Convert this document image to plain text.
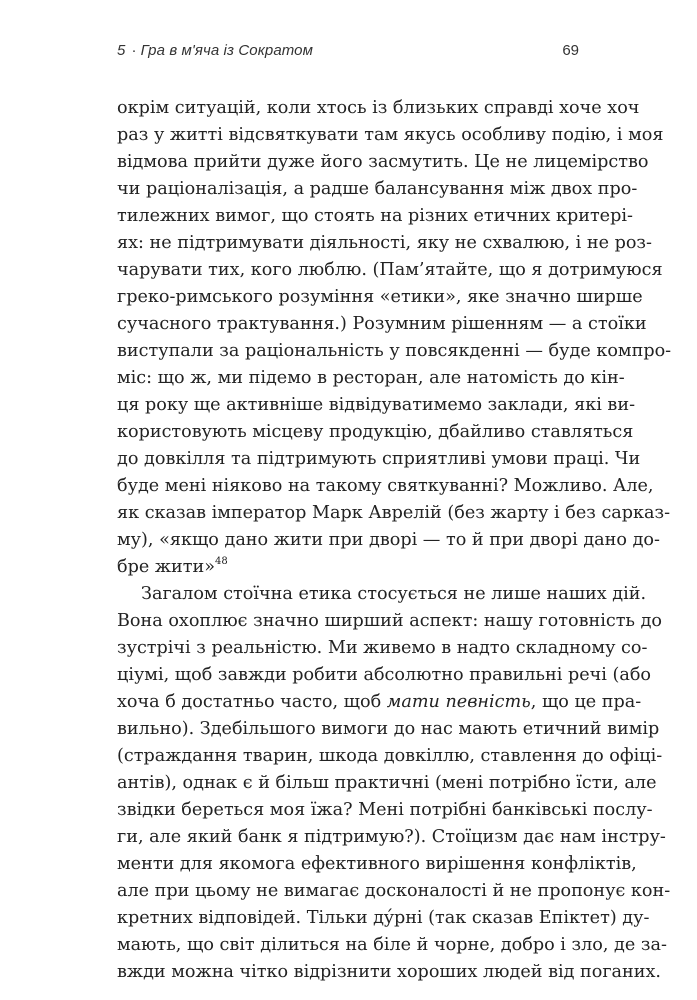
5 · Гра в м'яча із Сократом	69
окрім ситуацій, коли хтось із близьких справді хоче хоч
раз у житті відсвяткувати там якусь особливу подію, і моя
відмова прийти дуже його засмутить. Це не лицемірство
чи раціоналізація, а радше балансування між двох про-
тилежних вимог, що стоять на різних етичних критері-
ях: не підтримувати діяльності, яку не схвалюю, і не роз-
чарувати тих, кого люблю. (Пам’ятайте, що я дотримуюся
греко-римського розуміння «етики», яке значно ширше
сучасного трактування.) Розумним рішенням — а стоїки
виступали за раціональність у повсякденні — буде компро-
міс: що ж, ми підемо в ресторан, але натомість до кін-
ця року ще активніше відвідуватимемо заклади, які ви-
користовують місцеву продукцію, дбайливо ставляться
до довкілля та підтримують сприятливі умови праці. Чи
буде мені ніяково на такому святкуванні? Можливо. Але,
як сказав імператор Марк Аврелій (без жарту і без сарказ-
му), «якщо дано жити при дворі — то й при дворі дано до-
бре жити»$^{48}$
Загалом стоїчна етика стосується не лише наших дій.
Вона охоплює значно ширший аспект: нашу готовність до
зустрічі з реальністю. Ми живемо в надто складному со-
ціумі, щоб завжди робити абсолютно правильні речі (або
хоча б достатньо часто, щоб мати певність, що це пра-
вильно). Здебільшого вимоги до нас мають етичний вимір
(страждання тварин, шкода довкіллю, ставлення до офіці-
антів), однак є й більш практичні (мені потрібно їсти, але
звідки береться моя їжа? Мені потрібні банківські послу-
ги, але який банк я підтримую?). Стоїцизм дає нам інстру-
менти для якомога ефективного вирішення конфліктів,
але при цьому не вимагає досконалості й не пропонує кон-
кретних відповідей. Тільки дýрні (так сказав Епіктет) ду-
мають, що світ ділиться на біле й чорне, добро і зло, де за-
вжди можна чітко відрізнити хороших людей від поганих.
